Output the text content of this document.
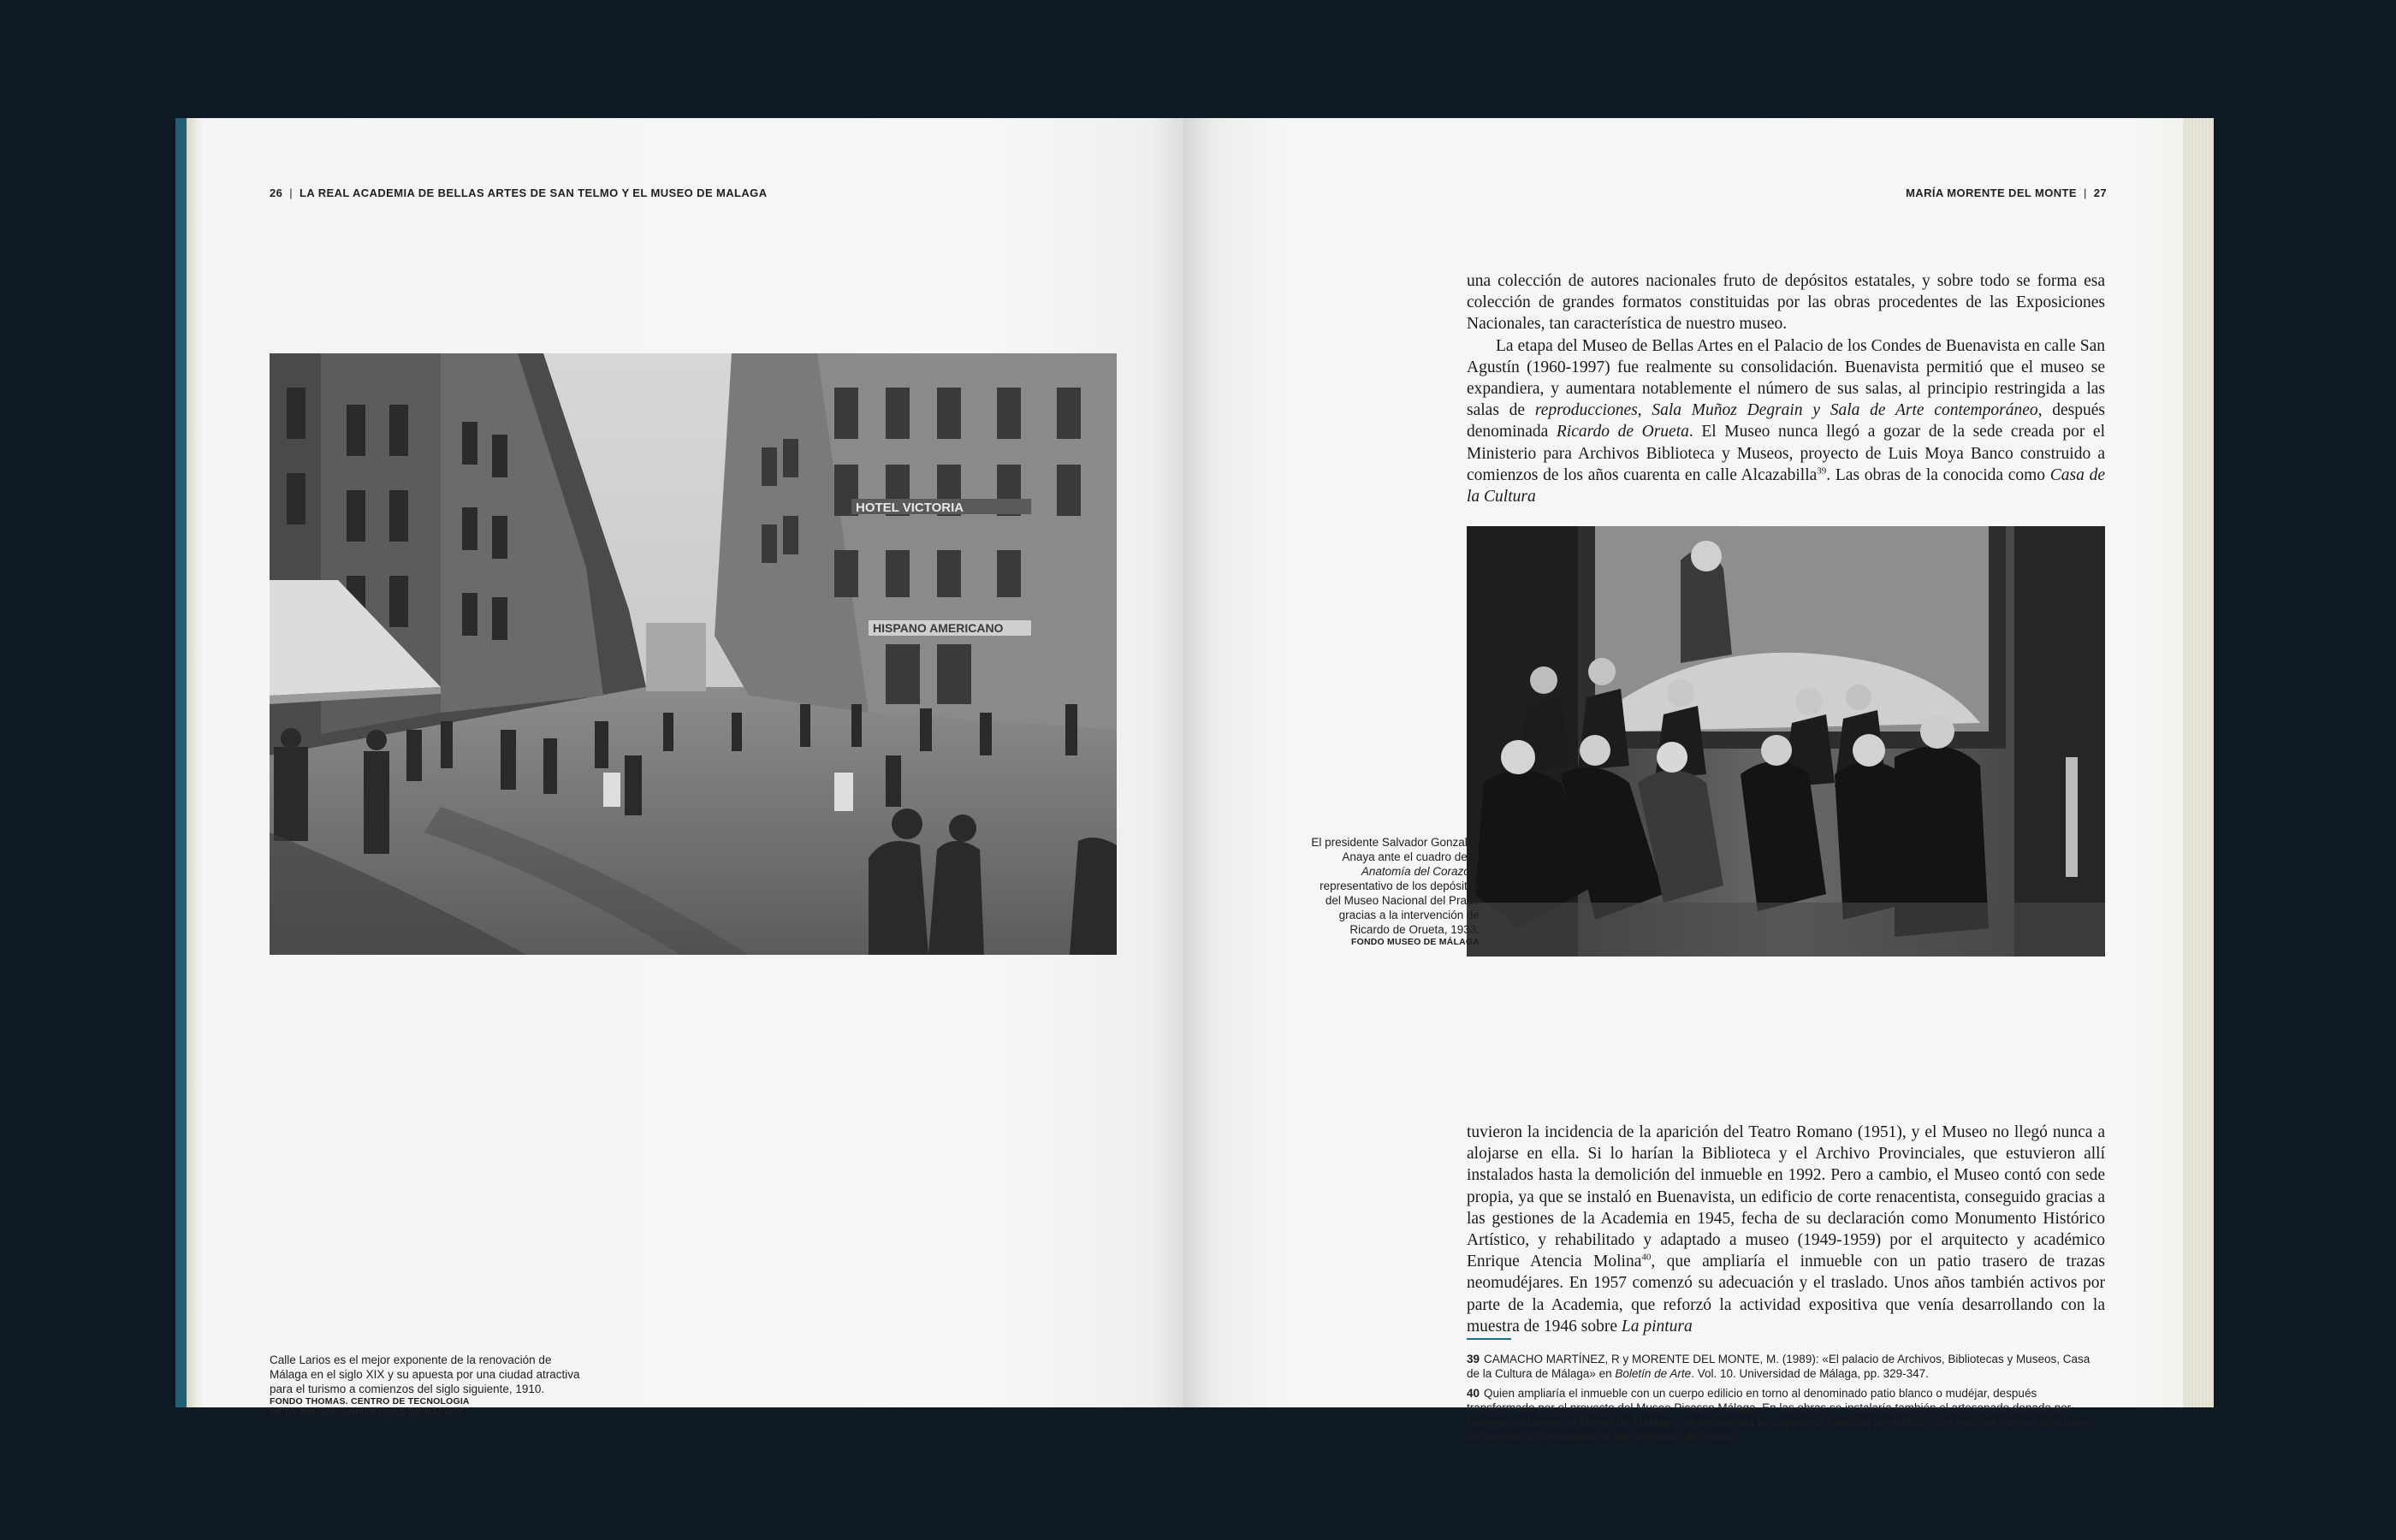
26 | LA REAL ACADEMIA DE BELLAS ARTES DE SAN TELMO Y EL MUSEO DE MALAGA
HOTEL VICTORIA
HISPANO AMERICANO
Calle Larios es el mejor exponente de la renovación de Málaga en el siglo XIX y su apuesta por una ciudad atractiva para el turismo a comienzos del siglo siguiente, 1910.
FONDO THOMAS. CENTRO DE TECNOLOGIA
DE LA IMAGEN. UNIVERSIDAD DE MÁLAGA
MARÍA MORENTE DEL MONTE | 27

una colección de autores nacionales fruto de depósitos estatales, y sobre todo se forma esa colección de grandes formatos constituidas por las obras procedentes de las Exposiciones Nacionales, tan característica de nuestro museo.

La etapa del Museo de Bellas Artes en el Palacio de los Condes de Buenavista en calle San Agustín (1960-1997) fue realmente su consolidación. Buenavista permitió que el museo se expandiera, y aumentara notablemente el número de sus salas, al principio restringida a las salas de reproducciones, Sala Muñoz Degrain y Sala de Arte contemporáneo, después denominada Ricardo de Orueta. El Museo nunca llegó a gozar de la sede creada por el Ministerio para Archivos Biblioteca y Museos, proyecto de Luis Moya Banco construido a comienzos de los años cuarenta en calle Alcazabilla$^{39}$. Las obras de la conocida como Casa de la Cultura

El presidente Salvador Gonzalez Anaya ante el cuadro de la Anatomía del Corazón, representativo de los depósitos del Museo Nacional del Prado gracias a la intervención de Ricardo de Orueta, 1933.
FONDO MUSEO DE MÁLAGA

tuvieron la incidencia de la aparición del Teatro Romano (1951), y el Museo no llegó nunca a alojarse en ella. Si lo harían la Biblioteca y el Archivo Provinciales, que estuvieron allí instalados hasta la demolición del inmueble en 1992. Pero a cambio, el Museo contó con sede propia, ya que se instaló en Buenavista, un edificio de corte renacentista, conseguido gracias a las gestiones de la Academia en 1945, fecha de su declaración como Monumento Histórico Artístico, y rehabilitado y adaptado a museo (1949-1959) por el arquitecto y académico Enrique Atencia Molina$^{40}$, que ampliaría el inmueble con un patio trasero de trazas neomudéjares. En 1957 comenzó su adecuación y el traslado. Unos años también activos por parte de la Academia, que reforzó la actividad expositiva que venía desarrollando con la muestra de 1946 sobre La pintura

39 CAMACHO MARTÍNEZ, R y MORENTE DEL MONTE, M. (1989): «El palacio de Archivos, Bibliotecas y Museos, Casa de la Cultura de Málaga» en Boletín de Arte. Vol. 10. Universidad de Málaga, pp. 329-347.

40 Quien ampliaría el inmueble con un cuerpo edilicio en torno al denominado patio blanco o mudéjar, después transformado por el proyecto del Museo Picasso Málaga. En las obras se instalaría también el artesonado donado por Moreno Carbonero al Museo de Málaga y se restauraría la carpintería histórica del edificio, con muchos nuevos añadidos del arquitecto, inspirados en los originales de época.
